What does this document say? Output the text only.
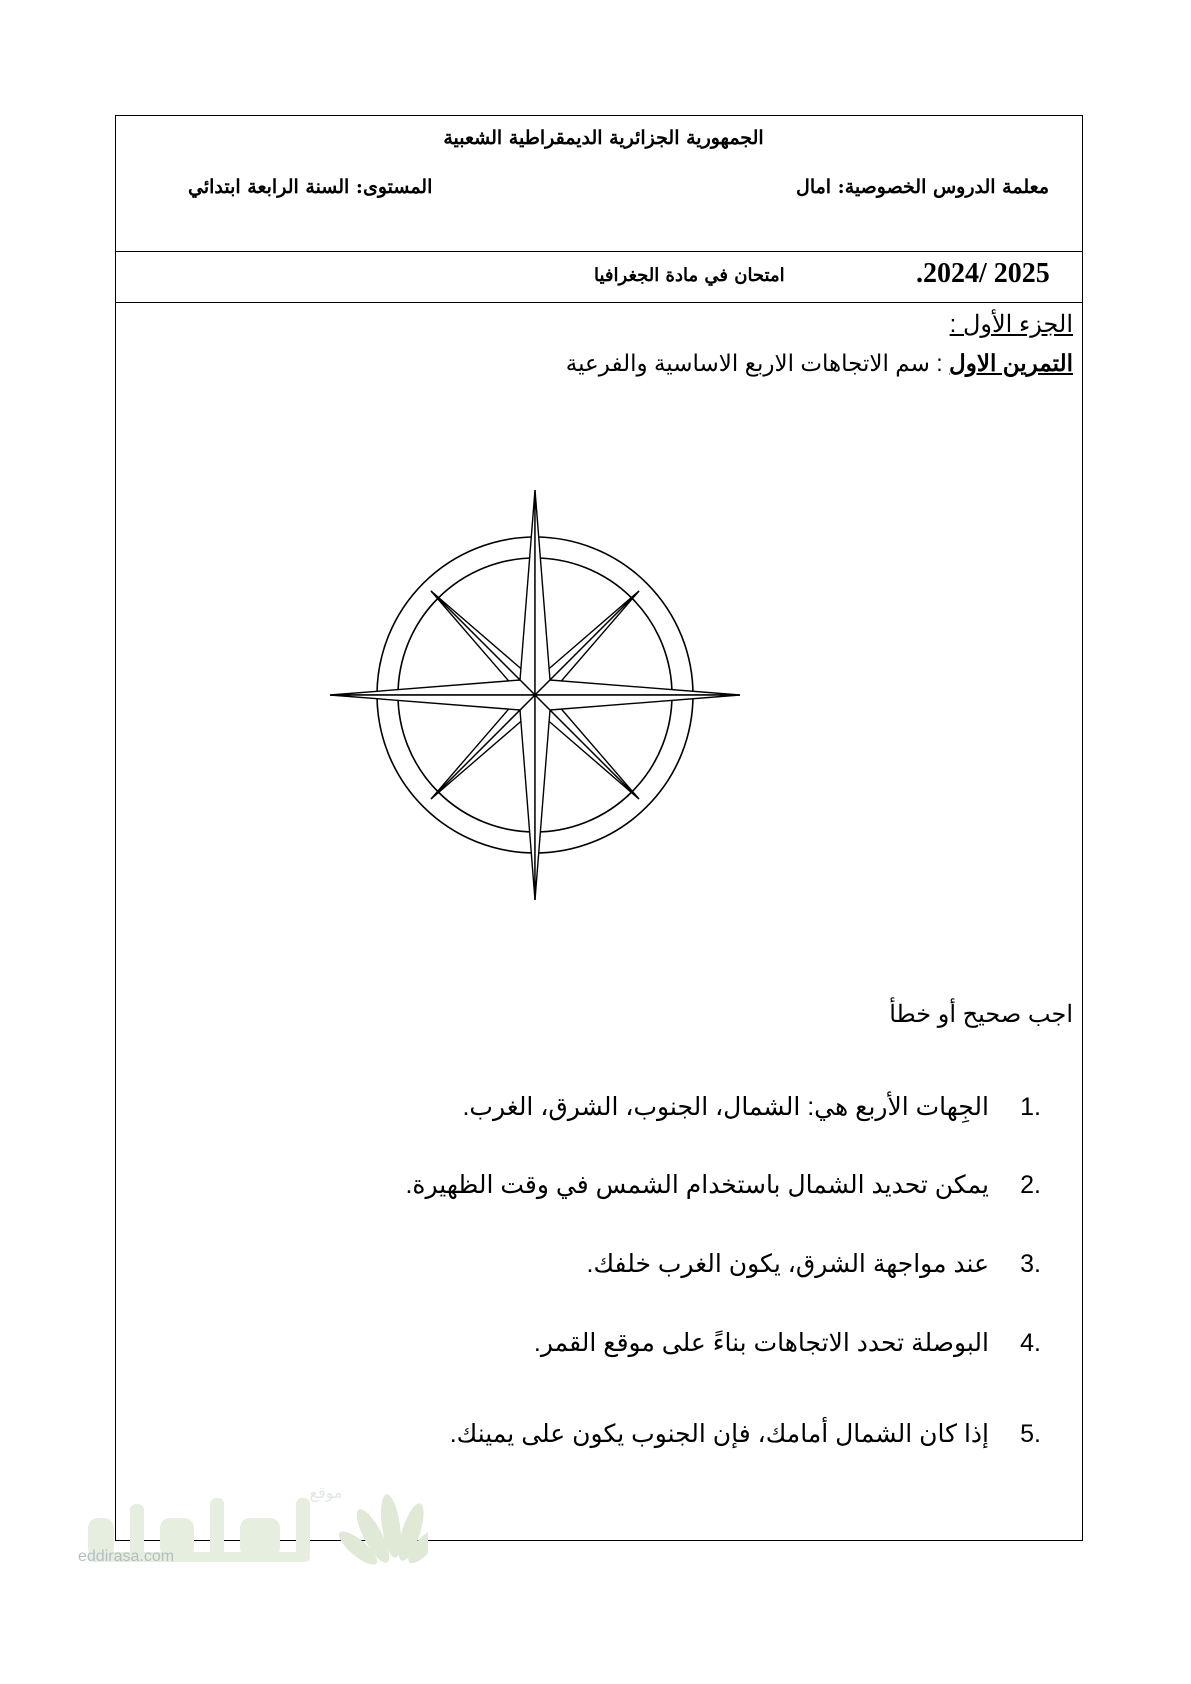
الجمهورية الجزائرية الديمقراطية الشعبية
معلمة الدروس الخصوصية: امال
المستوى: السنة الرابعة ابتدائي
.2024/ 2025
امتحان في مادة الجغرافيا
الجزء الأول :
التمرين الاول : سم الاتجاهات الاربع الاساسية والفرعية
اجب صحيح أو خطأ
1.الجِهات الأربع هي: الشمال، الجنوب، الشرق، الغرب.
2.يمكن تحديد الشمال باستخدام الشمس في وقت الظهيرة.
3.عند مواجهة الشرق، يكون الغرب خلفك.
4.البوصلة تحدد الاتجاهات بناءً على موقع القمر.
5.إذا كان الشمال أمامك، فإن الجنوب يكون على يمينك.
موقع
eddirasa.com
